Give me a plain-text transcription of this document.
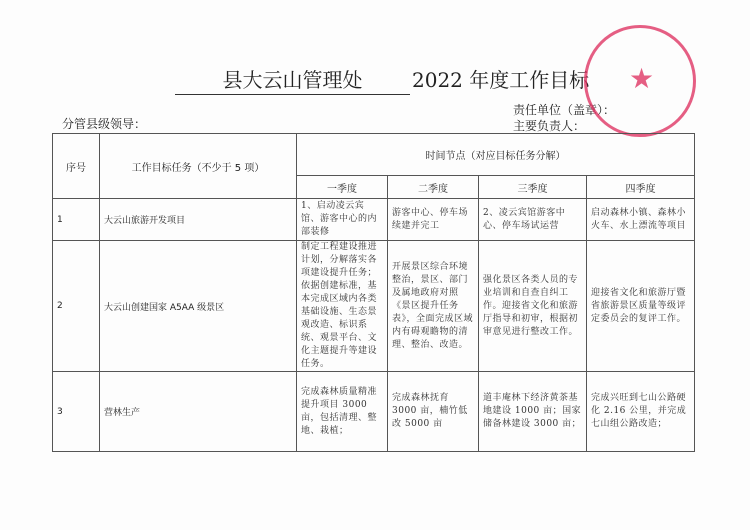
县大云山管理处	2022 年度工作目标
责任单位（盖章）：
主要负责人：
分管县级领导：
★
序号	工作目标任务（不少于 5 项）	时间节点（对应目标任务分解）			
		一季度	二季度	三季度	四季度
1	大云山旅游开发项目	1、启动凌云宾馆、游客中心的内部装修	游客中心、停车场续建并完工	2、凌云宾馆游客中心、停车场试运营	启动森林小镇、森林小火车、水上漂流等项目
2	大云山创建国家 A5AA 级景区	制定工程建设推进计划，分解落实各项建设提升任务；依据创建标准，基本完成区域内各类基础设施、生态景观改造、标识系统、观景平台、文化主题提升等建设任务。	开展景区综合环境整治，景区、部门及属地政府对照《景区提升任务表》，全面完成区域内有碍观瞻物的清理、整治、改造。	强化景区各类人员的专业培训和自查自纠工作。迎接省文化和旅游厅指导和初审，根据初审意见进行整改工作。	迎接省文化和旅游厅暨省旅游景区质量等级评定委员会的复评工作。
3	营林生产	完成森林质量精准提升项目 3000 亩，包括清理、整地、栽植；	完成森林抚育 3000 亩，楠竹低改 5000 亩	道丰庵林下经济黄茶基地建设 1000 亩；国家储备林建设 3000 亩；	完成兴旺到七山公路硬化 2.16 公里，并完成七山组公路改造；
